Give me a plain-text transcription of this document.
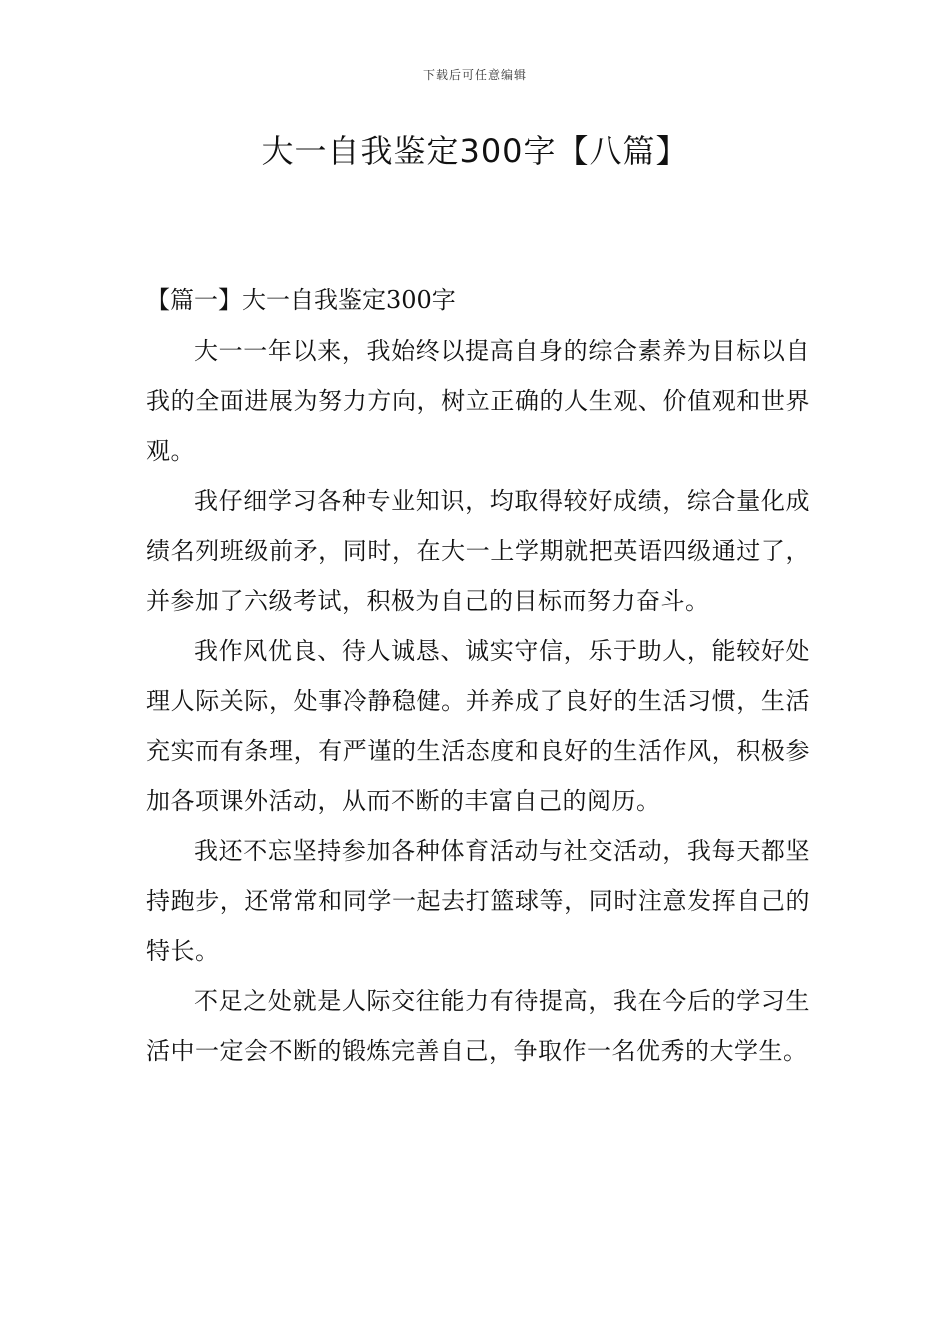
下载后可任意编辑
大一自我鉴定300字【八篇】
【篇一】大一自我鉴定300字

大一一年以来，我始终以提高自身的综合素养为目标以自我的全面进展为努力方向，树立正确的人生观、价值观和世界观。

我仔细学习各种专业知识，均取得较好成绩，综合量化成绩名列班级前矛，同时，在大一上学期就把英语四级通过了，并参加了六级考试，积极为自己的目标而努力奋斗。

我作风优良、待人诚恳、诚实守信，乐于助人，能较好处理人际关际，处事冷静稳健。并养成了良好的生活习惯，生活充实而有条理，有严谨的生活态度和良好的生活作风，积极参加各项课外活动，从而不断的丰富自己的阅历。

我还不忘坚持参加各种体育活动与社交活动，我每天都坚持跑步，还常常和同学一起去打篮球等，同时注意发挥自己的特长。

不足之处就是人际交往能力有待提高，我在今后的学习生活中一定会不断的锻炼完善自己，争取作一名优秀的大学生。
